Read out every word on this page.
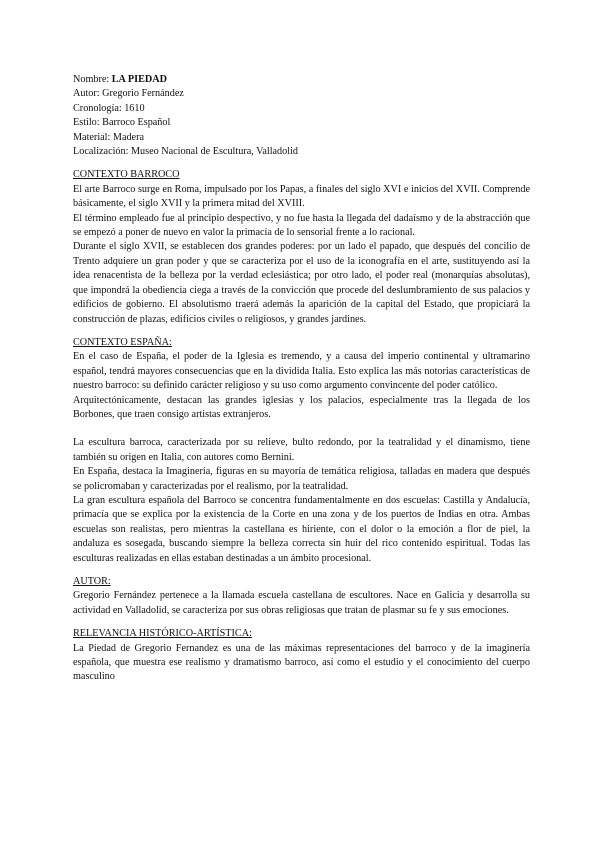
Nombre: LA PIEDAD

Autor: Gregorio Fernández

Cronología: 1610

Estilo: Barroco Español

Material: Madera

Localización: Museo Nacional de Escultura, Valladolid

CONTEXTO BARROCO

El arte Barroco surge en Roma, impulsado por los Papas, a finales del siglo XVI e inicios del XVII. Comprende básicamente, el siglo XVII y la primera mitad del XVIII.

El término empleado fue al principio despectivo, y no fue hasta la llegada del dadaísmo y de la abstracción que se empezó a poner de nuevo en valor la primacía de lo sensorial frente a lo racional.

Durante el siglo XVII, se establecen dos grandes poderes: por un lado el papado, que después del concilio de Trento adquiere un gran poder y que se caracteriza por el uso de la iconografía en el arte, sustituyendo así la idea renacentista de la belleza por la verdad eclesiástica; por otro lado, el poder real (monarquías absolutas), que impondrá la obediencia ciega a través de la convicción que procede del deslumbramiento de sus palacios y edificios de gobierno. El absolutismo traerá además la aparición de la capital del Estado, que propiciará la construcción de plazas, edificios civiles o religiosos, y grandes jardines.

CONTEXTO ESPAÑA:

En el caso de España, el poder de la Iglesia es tremendo, y a causa del imperio continental y ultramarino español, tendrá mayores consecuencias que en la dividida Italia. Esto explica las más notorias características de nuestro barroco: su definido carácter religioso y su uso como argumento convincente del poder católico.

Arquitectónicamente, destacan las grandes iglesias y los palacios, especialmente tras la llegada de los Borbones, que traen consigo artistas extranjeros.

La escultura barroca, caracterizada por su relieve, bulto redondo, por la teatralidad y el dinamismo, tiene también su origen en Italia, con autores como Bernini.

En España, destaca la Imaginería, figuras en su mayoría de temática religiosa, talladas en madera que después se policromaban y caracterizadas por el realismo, por la teatralidad.

La gran escultura española del Barroco se concentra fundamentalmente en dos escuelas: Castilla y Andalucía, primacía que se explica por la existencia de la Corte en una zona y de los puertos de Indias en otra. Ambas escuelas son realistas, pero mientras la castellana es hiriente, con el dolor o la emoción a flor de piel, la andaluza es sosegada, buscando siempre la belleza correcta sin huir del rico contenido espiritual. Todas las esculturas realizadas en ellas estaban destinadas a un ámbito procesional.

AUTOR:

Gregorio Fernández pertenece a la llamada escuela castellana de escultores. Nace en Galicia y desarrolla su actividad en Valladolid, se caracteriza por sus obras religiosas que tratan de plasmar su fe y sus emociones.

RELEVANCIA HISTÓRICO-ARTÍSTICA:

La Piedad de Gregorio Fernandez es una de las máximas representaciones del barroco y de la imaginería española, que muestra ese realismo y dramatismo barroco, así como el estudio y el conocimiento del cuerpo masculino
